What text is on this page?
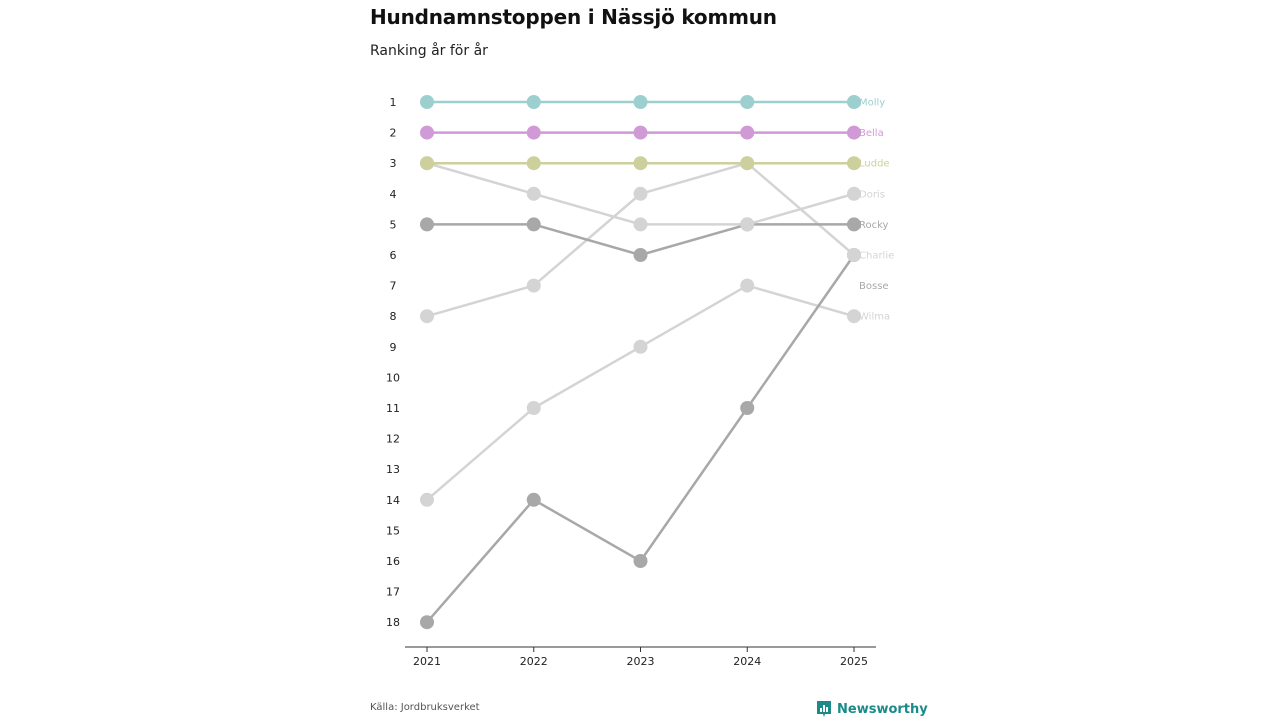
Hundnamnstoppen i Nässjö kommun

Ranking år för år

1
2
3
4
5
6
7
8
9
10
11
12
13
14
15
16
17
18
2021	2022	2023	2024	2025
Molly
Bella
Ludde
Doris
Rocky
Charlie
Bosse
Wilma
Källa: Jordbruksverket	Newsworthy
